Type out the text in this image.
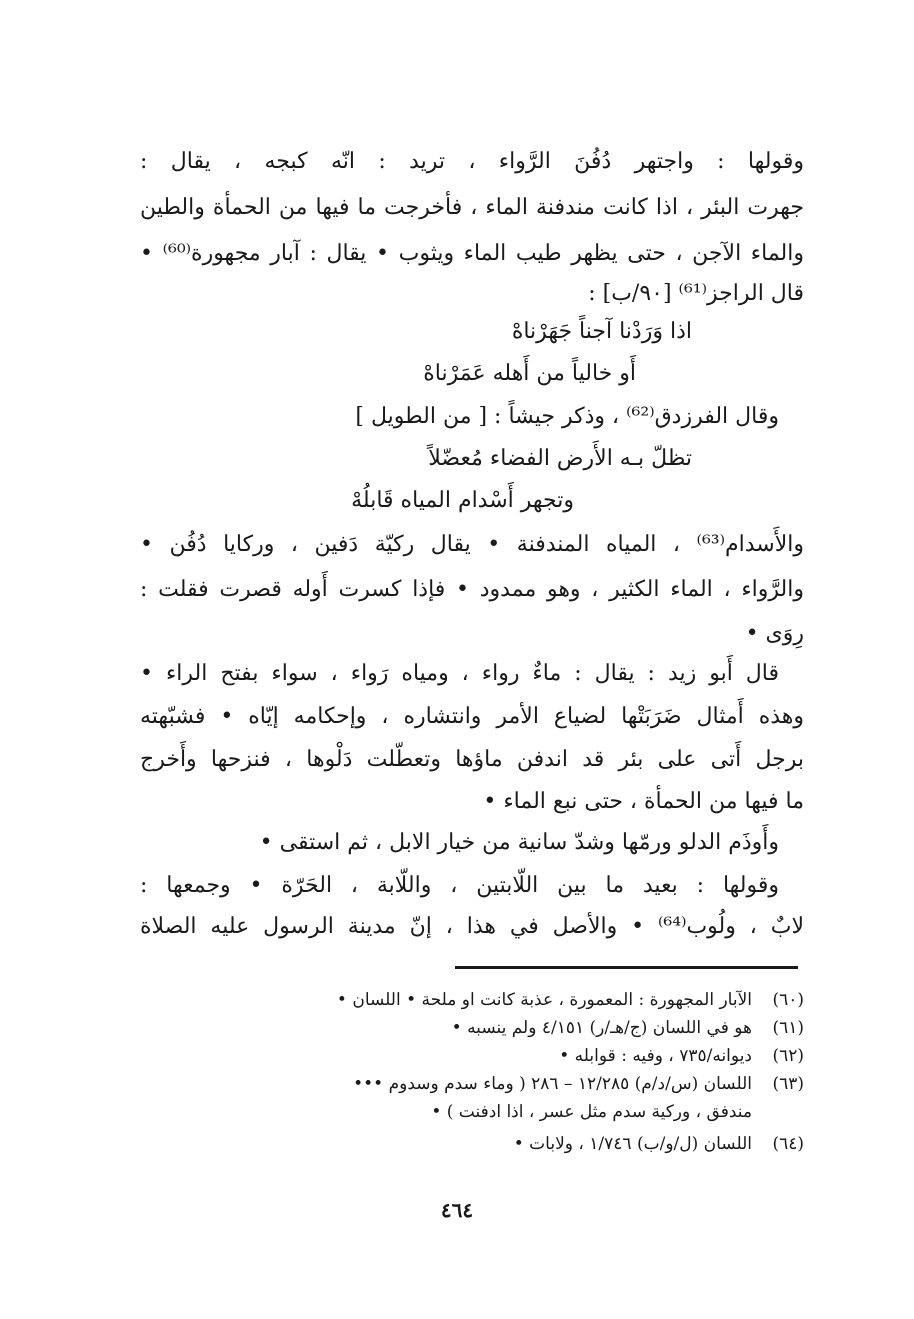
وقولها : واجتهر دُفُنَ الرَّواء ، تريد : انّه كبجه ، يقال :
جهرت البئر ، اذا كانت مندفنة الماء ، فأخرجت ما فيها من الحمأة والطين
والماء الآجن ، حتى يظهر طيب الماء ويثوب • يقال : آبار مجهورة⁽⁶⁰⁾ •
قال الراجز⁽⁶¹⁾ [٩٠/ب] :
اذا وَرَدْنا آجناً جَهَرْناهْ
أَو خالياً من أَهله عَمَرْناهْ
وقال الفرزدق⁽⁶²⁾ ، وذكر جيشاً : [ من الطويل ]
تظلّ بـه الأَرض الفضاء مُعضّلاً
وتجهر أَسْدام المياه قَابلُهْ
والأَسدام⁽⁶³⁾ ، المياه المندفنة • يقال ركيّة دَفين ، وركايا دُفُن •
والرَّواء ، الماء الكثير ، وهو ممدود • فإذا كسرت أَوله قصرت فقلت :
رِوَى •
قال أَبو زيد : يقال : ماءٌ رواء ، ومياه رَواء ، سواء بفتح الراء •
وهذه أَمثال ضَرَبَتْها لضياع الأمر وانتشاره ، وإحكامه إيّاه • فشبّهته
برجل أَتى على بئر قد اندفن ماؤها وتعطّلت دَلْوها ، فنزحها وأَخرج
ما فيها من الحمأة ، حتى نبع الماء •
وأَوذَم الدلو ورمّها وشدّ سانية من خيار الابل ، ثم استقى •
وقولها : بعيد ما بين اللّابتين ، واللّابة ، الحَرّة • وجمعها :
لابٌ ، ولُوب⁽⁶⁴⁾ • والأصل في هذا ، إنّ مدينة الرسول عليه الصلاة
(٦٠)الآبار المجهورة : المعمورة ، عذبة كانت او ملحة • اللسان •
(٦١)هو في اللسان (ج/هـ/ر) ٤/١٥١ ولم ينسبه •
(٦٢)ديوانه/٧٣٥ ، وفيه : قوابله •
(٦٣)اللسان (س/د/م) ١٢/٢٨٥ – ٢٨٦ ( وماء سدم وسدوم •••
مندفق ، وركية سدم مثل عسر ، اذا ادفنت ) •
(٦٤)اللسان (ل/و/ب) ١/٧٤٦ ، ولابات •
٤٦٤
